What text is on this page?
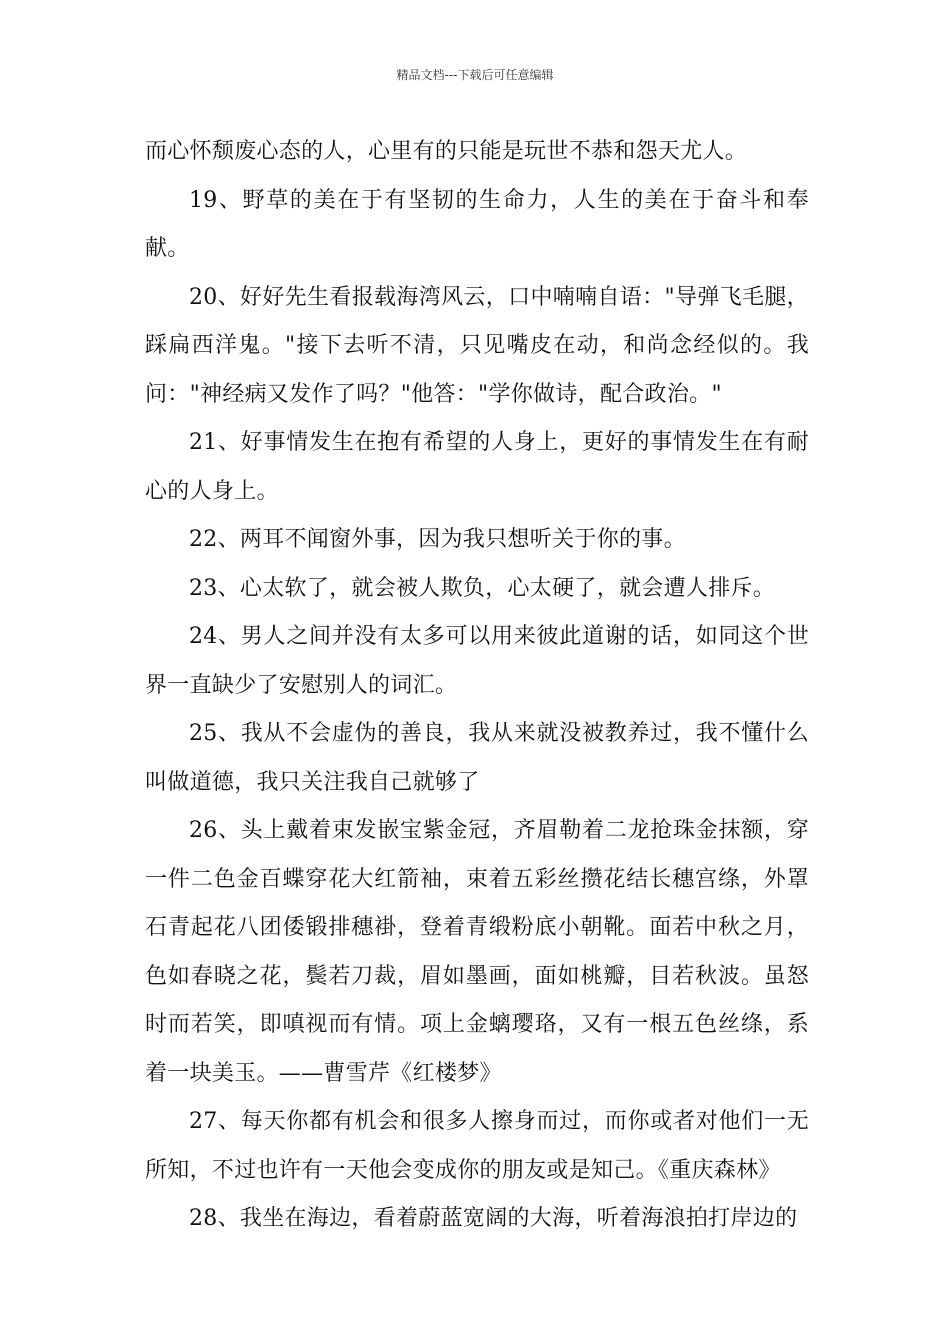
精品文档---下载后可任意编辑

而心怀颓废心态的人，心里有的只能是玩世不恭和怨天尤人。

19、野草的美在于有坚韧的生命力，人生的美在于奋斗和奉献。

20、好好先生看报载海湾风云，口中喃喃自语："导弹飞毛腿，踩扁西洋鬼。"接下去听不清，只见嘴皮在动，和尚念经似的。我问："神经病又发作了吗？"他答："学你做诗，配合政治。"

21、好事情发生在抱有希望的人身上，更好的事情发生在有耐心的人身上。

22、两耳不闻窗外事，因为我只想听关于你的事。

23、心太软了，就会被人欺负，心太硬了，就会遭人排斥。

24、男人之间并没有太多可以用来彼此道谢的话，如同这个世界一直缺少了安慰别人的词汇。

25、我从不会虚伪的善良，我从来就没被教养过，我不懂什么叫做道德，我只关注我自己就够了

26、头上戴着束发嵌宝紫金冠，齐眉勒着二龙抢珠金抹额，穿一件二色金百蝶穿花大红箭袖，束着五彩丝攒花结长穗宫绦，外罩石青起花八团倭锻排穗褂，登着青缎粉底小朝靴。面若中秋之月，色如春晓之花，鬓若刀裁，眉如墨画，面如桃瓣，目若秋波。虽怒时而若笑，即嗔视而有情。项上金螭璎珞，又有一根五色丝绦，系着一块美玉。——曹雪芹《红楼梦》

27、每天你都有机会和很多人擦身而过，而你或者对他们一无所知，不过也许有一天他会变成你的朋友或是知己。《重庆森林》

28、我坐在海边，看着蔚蓝宽阔的大海，听着海浪拍打岸边的
